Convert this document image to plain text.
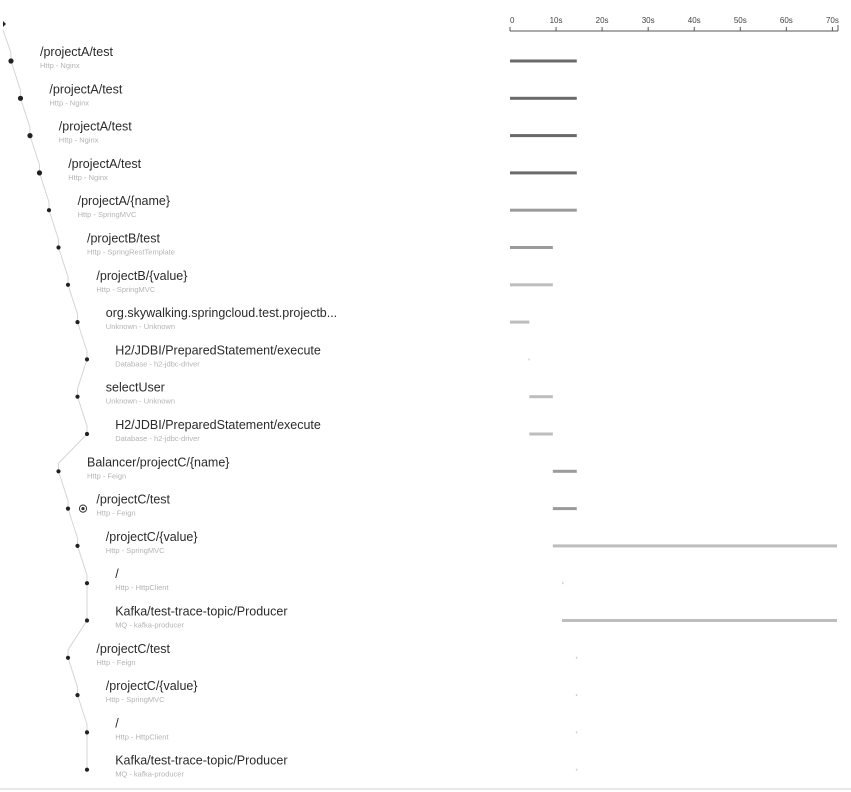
0	10s	20s	30s	40s	50s	60s	70s
/projectA/test
Http - Nginx
/projectA/test
Http - Nginx
/projectA/test
Http - Nginx
/projectA/test
Http - Nginx
/projectA/{name}
Http - SpringMVC
/projectB/test
Http - SpringRestTemplate
/projectB/{value}
Http - SpringMVC
org.skywalking.springcloud.test.projectb...
Unknown - Unknown
H2/JDBI/PreparedStatement/execute
Database - h2-jdbc-driver
selectUser
Unknown - Unknown
H2/JDBI/PreparedStatement/execute
Database - h2-jdbc-driver
Balancer/projectC/{name}
Http - Feign
/projectC/test
Http - Feign
/projectC/{value}
Http - SpringMVC
/
Http - HttpClient
Kafka/test-trace-topic/Producer
MQ - kafka-producer
/projectC/test
Http - Feign
/projectC/{value}
Http - SpringMVC
/
Http - HttpClient
Kafka/test-trace-topic/Producer
MQ - kafka-producer
